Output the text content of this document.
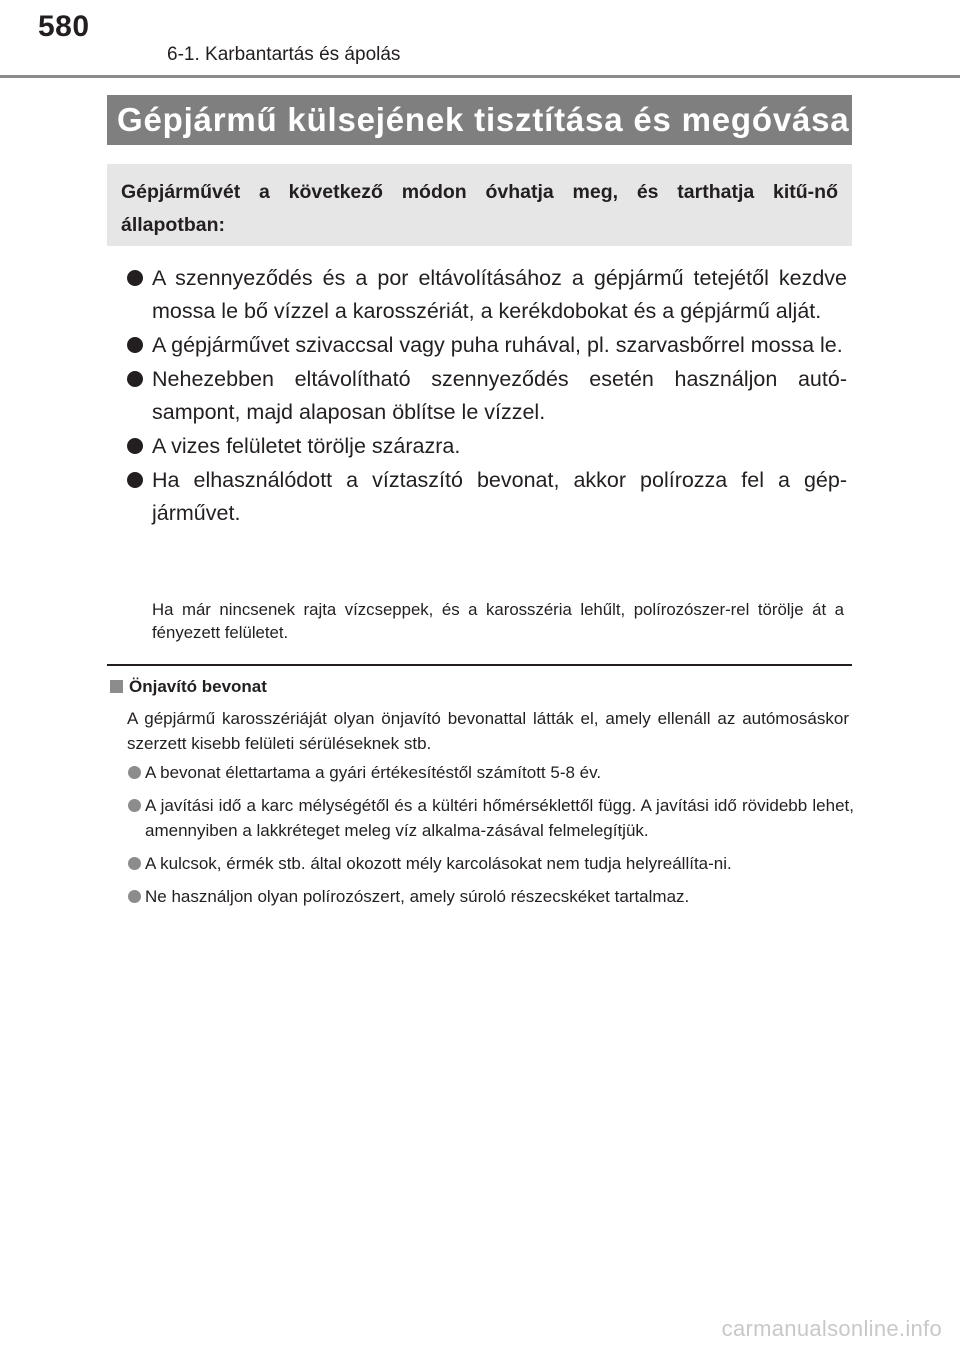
580
6-1. Karbantartás és ápolás
Gépjármű külsejének tisztítása és megóvása
Gépjárművét a következő módon óvhatja meg, és tarthatja kitű-nő állapotban:
A szennyeződés és a por eltávolításához a gépjármű tetejétől kezdve mossa le bő vízzel a karosszériát, a kerékdobokat és a gépjármű alját.
A gépjárművet szivaccsal vagy puha ruhával, pl. szarvasbőrrel mossa le.
Nehezebben eltávolítható szennyeződés esetén használjon autó-sampont, majd alaposan öblítse le vízzel.
A vizes felületet törölje szárazra.
Ha elhasználódott a víztaszító bevonat, akkor polírozza fel a gép-járművet.
Ha már nincsenek rajta vízcseppek, és a karosszéria lehűlt, polírozószer-rel törölje át a fényezett felületet.
Önjavító bevonat
A gépjármű karosszériáját olyan önjavító bevonattal látták el, amely ellenáll az autómosáskor szerzett kisebb felületi sérüléseknek stb.
A bevonat élettartama a gyári értékesítéstől számított 5-8 év.
A javítási idő a karc mélységétől és a kültéri hőmérséklettől függ. A javítási idő rövidebb lehet, amennyiben a lakkréteget meleg víz alkalma-zásával felmelegítjük.
A kulcsok, érmék stb. által okozott mély karcolásokat nem tudja helyreállíta-ni.
Ne használjon olyan polírozószert, amely súroló részecskéket tartalmaz.
carmanualsonline.info
